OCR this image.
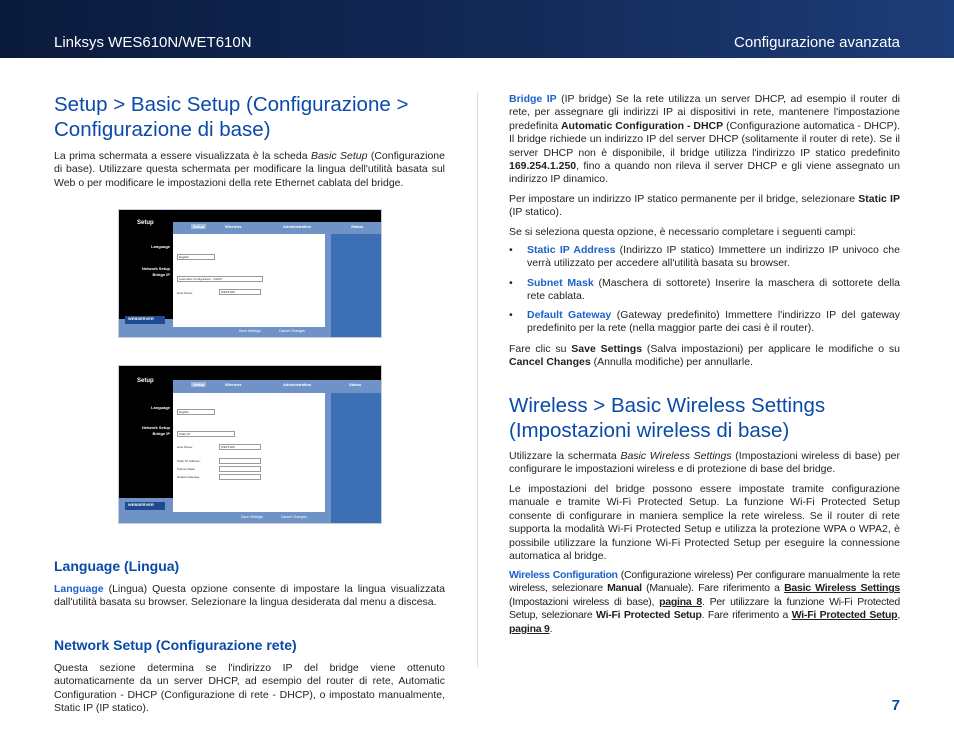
Linksys WES610N/WET610N	Configurazione avanzata
Setup > Basic Setup (Configurazione > Configurazione di base)

La prima schermata a essere visualizzata è la scheda Basic Setup (Configurazione di base). Utilizzare questa schermata per modificare la lingua dell'utilità basata sul Web o per modificare le impostazioni della rete Ethernet cablata del bridge.

Setup
Setup	Wireless	Administration	Status
Language
Network Setup
Bridge IP
WEBSERVER
English
Automatic Configuration - DHCP
Host Name:	WET610N
Save Settings	Cancel Changes
Setup
Setup	Wireless	Administration	Status
Language
Network Setup
Bridge IP
WEBSERVER
English
Static IP
Host Name:	WET610N
Static IP Address:
Subnet Mask:
Default Gateway:
Save Settings	Cancel Changes
Language (Lingua)

Language (Lingua) Questa opzione consente di impostare la lingua visualizzata dall'utilità basata su browser. Selezionare la lingua desiderata dal menu a discesa.

Network Setup (Configurazione rete)

Questa sezione determina se l'indirizzo IP del bridge viene ottenuto automaticamente da un server DHCP, ad esempio del router di rete, Automatic Configuration - DHCP (Configurazione di rete - DHCP), o impostato manualmente, Static IP (IP statico).

Bridge IP (IP bridge) Se la rete utilizza un server DHCP, ad esempio il router di rete, per assegnare gli indirizzi IP ai dispositivi in rete, mantenere l'impostazione predefinita Automatic Configuration - DHCP (Configurazione automatica - DHCP). Il bridge richiede un indirizzo IP del server DHCP (solitamente il router di rete). Se il server DHCP non è disponibile, il bridge utilizza l'indirizzo IP statico predefinito 169.254.1.250, fino a quando non rileva il server DHCP e gli viene assegnato un indirizzo IP dinamico.

Per impostare un indirizzo IP statico permanente per il bridge, selezionare Static IP (IP statico).

Se si seleziona questa opzione, è necessario completare i seguenti campi:

• Static IP Address (Indirizzo IP statico) Immettere un indirizzo IP univoco che verrà utilizzato per accedere all'utilità basata su browser.
• Subnet Mask (Maschera di sottorete) Inserire la maschera di sottorete della rete cablata.
• Default Gateway (Gateway predefinito) Immettere l'indirizzo IP del gateway predefinito per la rete (nella maggior parte dei casi è il router).

Fare clic su Save Settings (Salva impostazioni) per applicare le modifiche o su Cancel Changes (Annulla modifiche) per annullarle.

Wireless > Basic Wireless Settings (Impostazioni wireless di base)

Utilizzare la schermata Basic Wireless Settings (Impostazioni wireless di base) per configurare le impostazioni wireless e di protezione di base del bridge.

Le impostazioni del bridge possono essere impostate tramite configurazione manuale e tramite Wi-Fi Protected Setup. La funzione Wi-Fi Protected Setup consente di configurare in maniera semplice la rete wireless. Se il router di rete supporta la modalità Wi-Fi Protected Setup e utilizza la protezione WPA o WPA2, è possibile utilizzare la funzione Wi-Fi Protected Setup per eseguire la connessione automatica al bridge.

Wireless Configuration (Configurazione wireless) Per configurare manualmente la rete wireless, selezionare Manual (Manuale). Fare riferimento a Basic Wireless Settings (Impostazioni wireless di base), pagina 8. Per utilizzare la funzione Wi-Fi Protected Setup, selezionare Wi-Fi Protected Setup. Fare riferimento a Wi-Fi Protected Setup, pagina 9.

7
